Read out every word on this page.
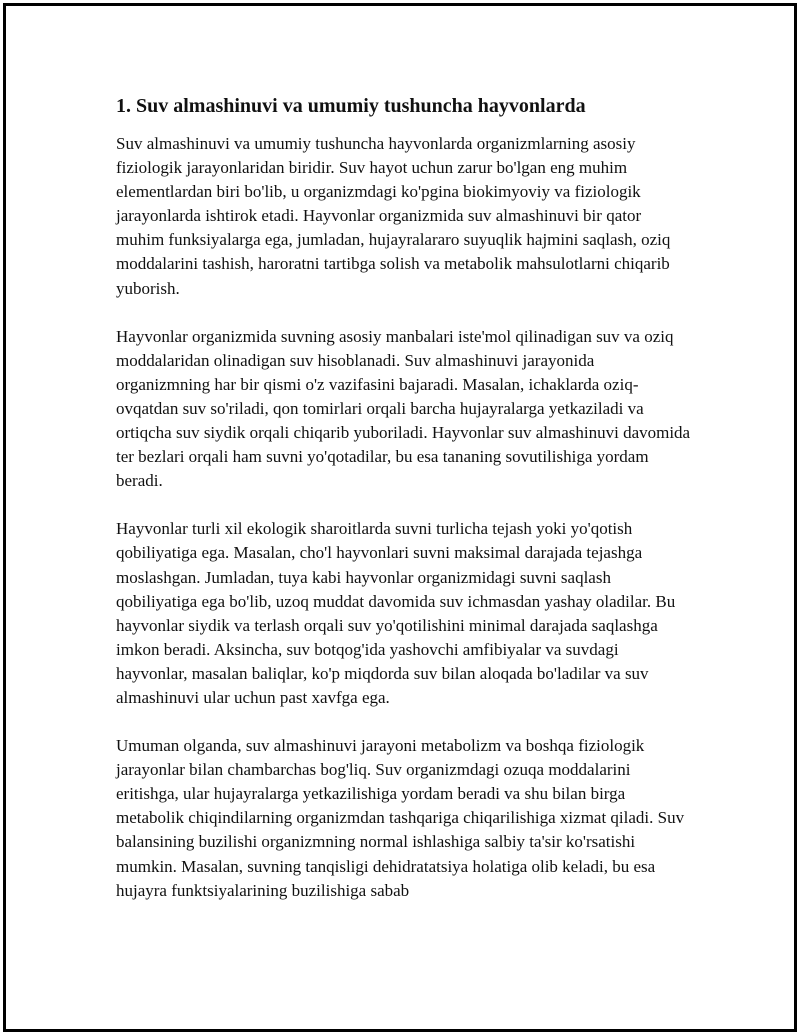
1. Suv almashinuvi va umumiy tushuncha hayvonlarda

Suv almashinuvi va umumiy tushuncha hayvonlarda organizmlarning asosiy fiziologik jarayonlaridan biridir. Suv hayot uchun zarur bo'lgan eng muhim elementlardan biri bo'lib, u organizmdagi ko'pgina biokimyoviy va fiziologik jarayonlarda ishtirok etadi. Hayvonlar organizmida suv almashinuvi bir qator muhim funksiyalarga ega, jumladan, hujayralararo suyuqlik hajmini saqlash, oziq moddalarini tashish, haroratni tartibga solish va metabolik mahsulotlarni chiqarib yuborish.

Hayvonlar organizmida suvning asosiy manbalari iste'mol qilinadigan suv va oziq moddalaridan olinadigan suv hisoblanadi. Suv almashinuvi jarayonida organizmning har bir qismi o'z vazifasini bajaradi. Masalan, ichaklarda oziq-ovqatdan suv so'riladi, qon tomirlari orqali barcha hujayralarga yetkaziladi va ortiqcha suv siydik orqali chiqarib yuboriladi. Hayvonlar suv almashinuvi davomida ter bezlari orqali ham suvni yo'qotadilar, bu esa tananing sovutilishiga yordam beradi.

Hayvonlar turli xil ekologik sharoitlarda suvni turlicha tejash yoki yo'qotish qobiliyatiga ega. Masalan, cho'l hayvonlari suvni maksimal darajada tejashga moslashgan. Jumladan, tuya kabi hayvonlar organizmidagi suvni saqlash qobiliyatiga ega bo'lib, uzoq muddat davomida suv ichmasdan yashay oladilar. Bu hayvonlar siydik va terlash orqali suv yo'qotilishini minimal darajada saqlashga imkon beradi. Aksincha, suv botqog'ida yashovchi amfibiyalar va suvdagi hayvonlar, masalan baliqlar, ko'p miqdorda suv bilan aloqada bo'ladilar va suv almashinuvi ular uchun past xavfga ega.

Umuman olganda, suv almashinuvi jarayoni metabolizm va boshqa fiziologik jarayonlar bilan chambarchas bog'liq. Suv organizmdagi ozuqa moddalarini eritishga, ular hujayralarga yetkazilishiga yordam beradi va shu bilan birga metabolik chiqindilarning organizmdan tashqariga chiqarilishiga xizmat qiladi. Suv balansining buzilishi organizmning normal ishlashiga salbiy ta'sir ko'rsatishi mumkin. Masalan, suvning tanqisligi dehidratatsiya holatiga olib keladi, bu esa hujayra funktsiyalarining buzilishiga sabab
